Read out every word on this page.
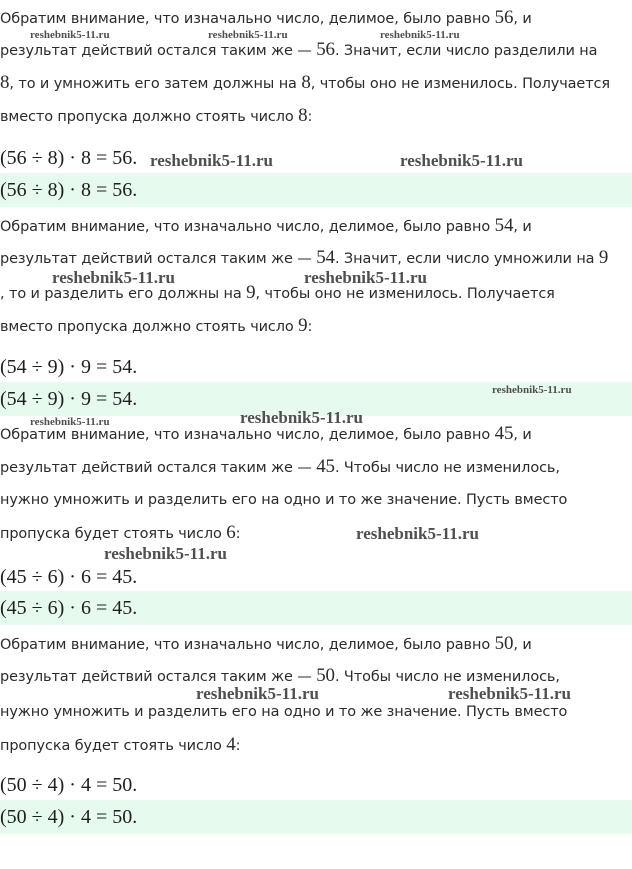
Обратим внимание, что изначально число, делимое, было равно 56, и

результат действий остался таким же — 56. Значит, если число разделили на

8, то и умножить его затем должны на 8, чтобы оно не изменилось. Получается

вместо пропуска должно стоять число 8:

(56 ÷ 8) · 8 = 56.

(56 ÷ 8) · 8 = 56.

Обратим внимание, что изначально число, делимое, было равно 54, и

результат действий остался таким же — 54. Значит, если число умножили на 9

, то и разделить его должны на 9, чтобы оно не изменилось. Получается

вместо пропуска должно стоять число 9:

(54 ÷ 9) · 9 = 54.

(54 ÷ 9) · 9 = 54.

Обратим внимание, что изначально число, делимое, было равно 45, и

результат действий остался таким же — 45. Чтобы число не изменилось,

нужно умножить и разделить его на одно и то же значение. Пусть вместо

пропуска будет стоять число 6:

(45 ÷ 6) · 6 = 45.

(45 ÷ 6) · 6 = 45.

Обратим внимание, что изначально число, делимое, было равно 50, и

результат действий остался таким же — 50. Чтобы число не изменилось,

нужно умножить и разделить его на одно и то же значение. Пусть вместо

пропуска будет стоять число 4:

(50 ÷ 4) · 4 = 50.

(50 ÷ 4) · 4 = 50.

reshebnik5-11.ru	reshebnik5-11.ru	reshebnik5-11.ru
reshebnik5-11.ru	reshebnik5-11.ru
reshebnik5-11.ru	reshebnik5-11.ru
reshebnik5-11.ru
reshebnik5-11.ru	reshebnik5-11.ru
reshebnik5-11.ru
reshebnik5-11.ru
reshebnik5-11.ru	reshebnik5-11.ru
